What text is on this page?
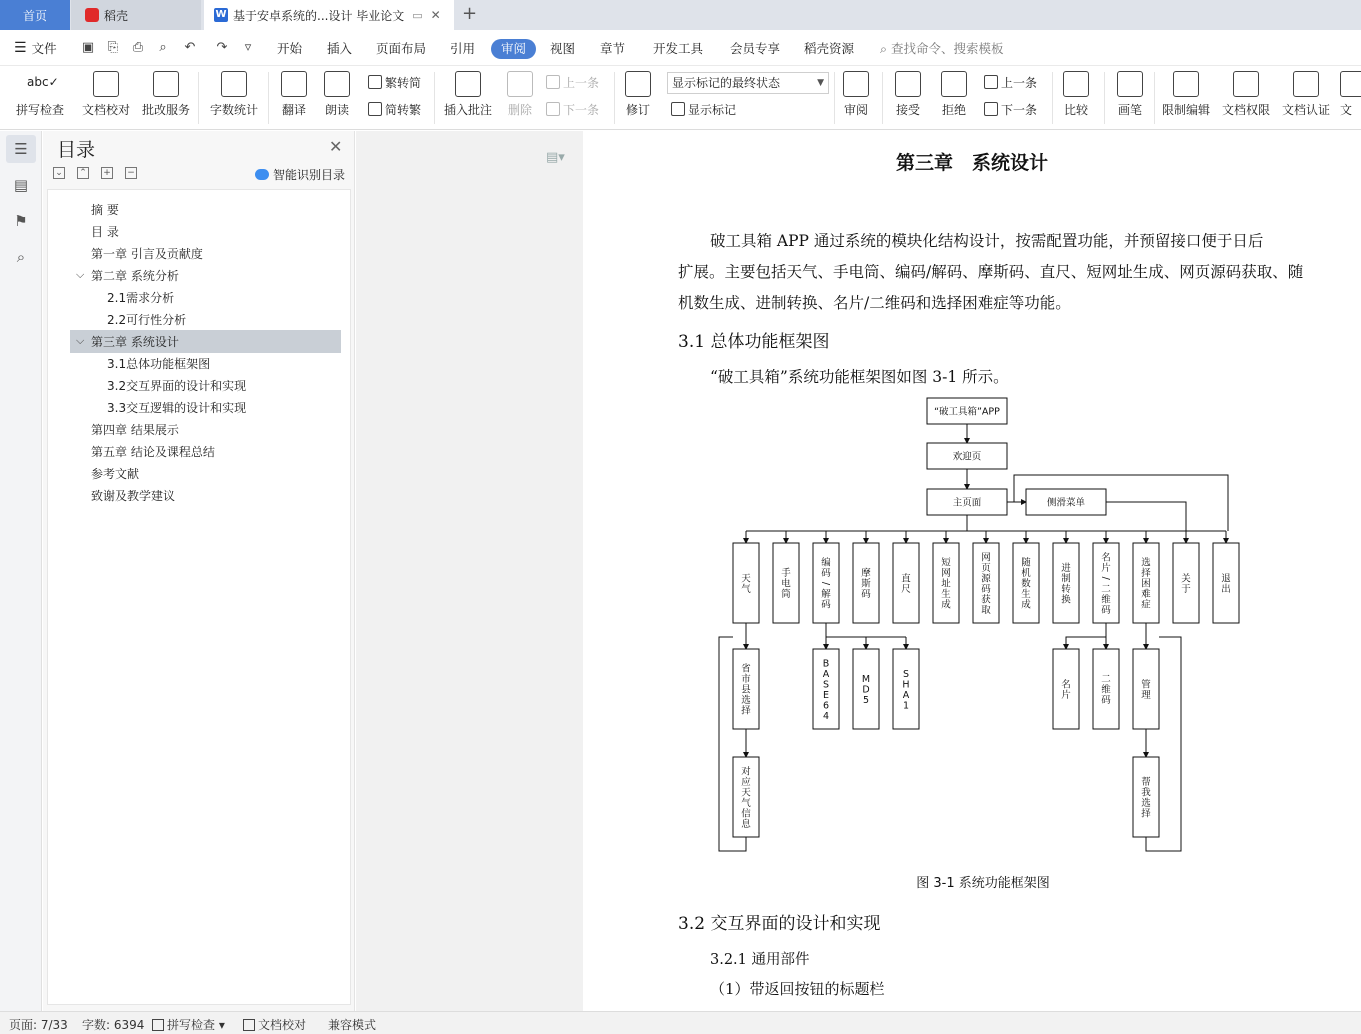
首页	稻壳	W 基于安卓系统的...设计 毕业论文 ▭ ✕ +
☰ 文件 ▣ ⎘ ⎙	⌕	↶ ↷	▿	开始 插入 页面布局 引用	审阅	视图 章节 开发工具 会员专享 稻壳资源 ⌕ 查找命令、搜索模板
abc✓
拼写检查	文档校对 批改服务 字数统计	翻译	朗读
繁转简
简转繁 插入批注	删除
上一条
下一条	修订
显示标记的最终状态	▼
显示标记	审阅	接受	拒绝
上一条
下一条	比较	画笔	限制编辑 文档权限 文档认证 文
☰
▤
⚑
⌕
目录	✕
⌄ ⌃ + −	智能识别目录
摘 要
目 录
第一章 引言及贡献度
⌵ 第二章 系统分析
2.1需求分析
2.2可行性分析
⌵ 第三章 系统设计
3.1总体功能框架图
3.2交互界面的设计和实现
3.3交互逻辑的设计和实现
第四章 结果展示
第五章 结论及课程总结
参考文献
致谢及教学建议
▤▾	第三章　系统设计
破工具箱 APP 通过系统的模块化结构设计，按需配置功能，并预留接口便于日后
扩展。主要包括天气、手电筒、编码/解码、摩斯码、直尺、短网址生成、网页源码获取、随
机数生成、进制转换、名片/二维码和选择困难症等功能。
3.1 总体功能框架图
“破工具箱”系统功能框架图如图 3-1 所示。
“破工具箱”APP
欢迎页
主页面	侧滑菜单
天
气
手
电
筒
编
码
/
解
码
摩
斯
码
直
尺
短
网
址
生
成
网
页
源
码
获
取
随
机
数
生
成
进
制
转
换
名
片
/
二
维
码
选
择
困
难
症
关
于
退
出
省
市
县
选
择
对
应
天
气
信
息
B
A
S
E
6
4
M
D
5
S
H
A
1
名
片
二
维
码
管
理
帮
我
选
择
图 3-1 系统功能框架图
3.2 交互界面的设计和实现
3.2.1 通用部件
（1）带返回按钮的标题栏
页面: 7/33 字数: 6394	拼写检查 ▾	文档校对 兼容模式
